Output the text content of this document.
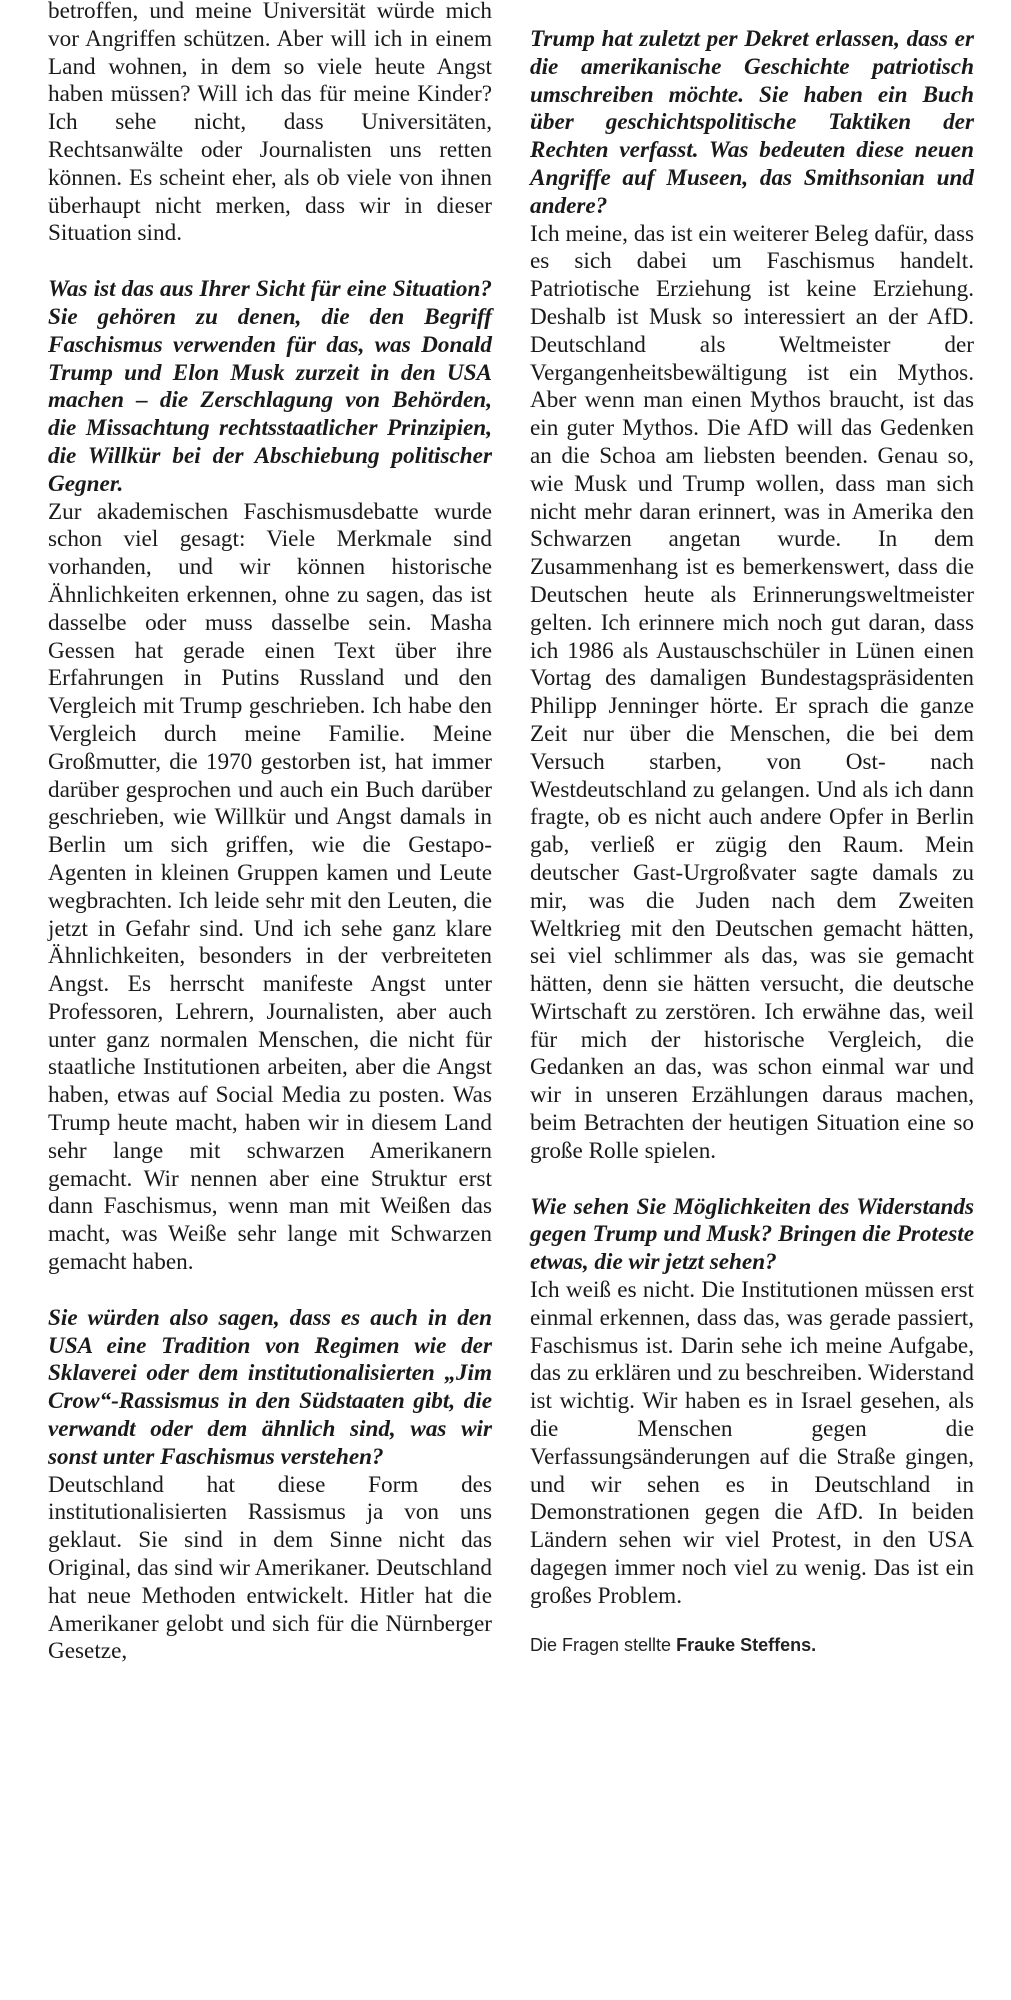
betroffen, und meine Universität würde mich vor Angriffen schützen. Aber will ich in einem Land wohnen, in dem so viele heute Angst haben müssen? Will ich das für meine Kinder? Ich sehe nicht, dass Universitäten, Rechtsanwälte oder Journalisten uns retten können. Es scheint eher, als ob viele von ihnen überhaupt nicht merken, dass wir in dieser Situation sind.

Was ist das aus Ihrer Sicht für eine Situation? Sie gehören zu denen, die den Begriff Faschismus verwenden für das, was Donald Trump und Elon Musk zurzeit in den USA machen – die Zerschlagung von Behörden, die Missachtung rechtsstaatlicher Prinzipien, die Willkür bei der Abschiebung politischer Gegner.

Zur akademischen Faschismusdebatte wurde schon viel gesagt: Viele Merkmale sind vorhanden, und wir können historische Ähnlichkeiten erkennen, ohne zu sagen, das ist dasselbe oder muss dasselbe sein. Masha Gessen hat gerade einen Text über ihre Erfahrungen in Putins Russland und den Vergleich mit Trump geschrieben. Ich habe den Vergleich durch meine Familie. Meine Großmutter, die 1970 gestorben ist, hat immer darüber gesprochen und auch ein Buch darüber geschrieben, wie Willkür und Angst damals in Berlin um sich griffen, wie die Gestapo-Agenten in kleinen Gruppen kamen und Leute wegbrachten. Ich leide sehr mit den Leuten, die jetzt in Gefahr sind. Und ich sehe ganz klare Ähnlichkeiten, besonders in der verbreiteten Angst. Es herrscht manifeste Angst unter Professoren, Lehrern, Journalisten, aber auch unter ganz normalen Menschen, die nicht für staatliche Institutionen arbeiten, aber die Angst haben, etwas auf Social Media zu posten. Was Trump heute macht, haben wir in diesem Land sehr lange mit schwarzen Amerikanern gemacht. Wir nennen aber eine Struktur erst dann Faschismus, wenn man mit Weißen das macht, was Weiße sehr lange mit Schwarzen gemacht haben.

Sie würden also sagen, dass es auch in den USA eine Tradition von Regimen wie der Sklaverei oder dem institutionalisierten „Jim Crow“-Rassismus in den Südstaaten gibt, die verwandt oder dem ähnlich sind, was wir sonst unter Faschismus verstehen?

Deutschland hat diese Form des institutionalisierten Rassismus ja von uns geklaut. Sie sind in dem Sinne nicht das Original, das sind wir Amerikaner. Deutschland hat neue Methoden entwickelt. Hitler hat die Amerikaner gelobt und sich für die Nürnberger Gesetze,

Trump hat zuletzt per Dekret erlassen, dass er die amerikanische Geschichte patriotisch umschreiben möchte. Sie haben ein Buch über geschichtspolitische Taktiken der Rechten verfasst. Was bedeuten diese neuen Angriffe auf Museen, das Smithsonian und andere?

Ich meine, das ist ein weiterer Beleg dafür, dass es sich dabei um Faschismus handelt. Patriotische Erziehung ist keine Erziehung. Deshalb ist Musk so interessiert an der AfD. Deutschland als Weltmeister der Vergangenheitsbewältigung ist ein Mythos. Aber wenn man einen Mythos braucht, ist das ein guter Mythos. Die AfD will das Gedenken an die Schoa am liebsten beenden. Genau so, wie Musk und Trump wollen, dass man sich nicht mehr daran erinnert, was in Amerika den Schwarzen angetan wurde. In dem Zusammenhang ist es bemerkenswert, dass die Deutschen heute als Erinnerungsweltmeister gelten. Ich erinnere mich noch gut daran, dass ich 1986 als Austauschschüler in Lünen einen Vortag des damaligen Bundestagspräsidenten Philipp Jenninger hörte. Er sprach die ganze Zeit nur über die Menschen, die bei dem Versuch starben, von Ost- nach Westdeutschland zu gelangen. Und als ich dann fragte, ob es nicht auch andere Opfer in Berlin gab, verließ er zügig den Raum. Mein deutscher Gast-Urgroßvater sagte damals zu mir, was die Juden nach dem Zweiten Weltkrieg mit den Deutschen gemacht hätten, sei viel schlimmer als das, was sie gemacht hätten, denn sie hätten versucht, die deutsche Wirtschaft zu zerstören. Ich erwähne das, weil für mich der historische Vergleich, die Gedanken an das, was schon einmal war und wir in unseren Erzählungen daraus machen, beim Betrachten der heutigen Situation eine so große Rolle spielen.

Wie sehen Sie Möglichkeiten des Widerstands gegen Trump und Musk? Bringen die Proteste etwas, die wir jetzt sehen?

Ich weiß es nicht. Die Institutionen müssen erst einmal erkennen, dass das, was gerade passiert, Faschismus ist. Darin sehe ich meine Aufgabe, das zu erklären und zu beschreiben. Widerstand ist wichtig. Wir haben es in Israel gesehen, als die Menschen gegen die Verfassungsänderungen auf die Straße gingen, und wir sehen es in Deutschland in Demonstrationen gegen die AfD. In beiden Ländern sehen wir viel Protest, in den USA dagegen immer noch viel zu wenig. Das ist ein großes Problem.

Die Fragen stellte Frauke Steffens.
